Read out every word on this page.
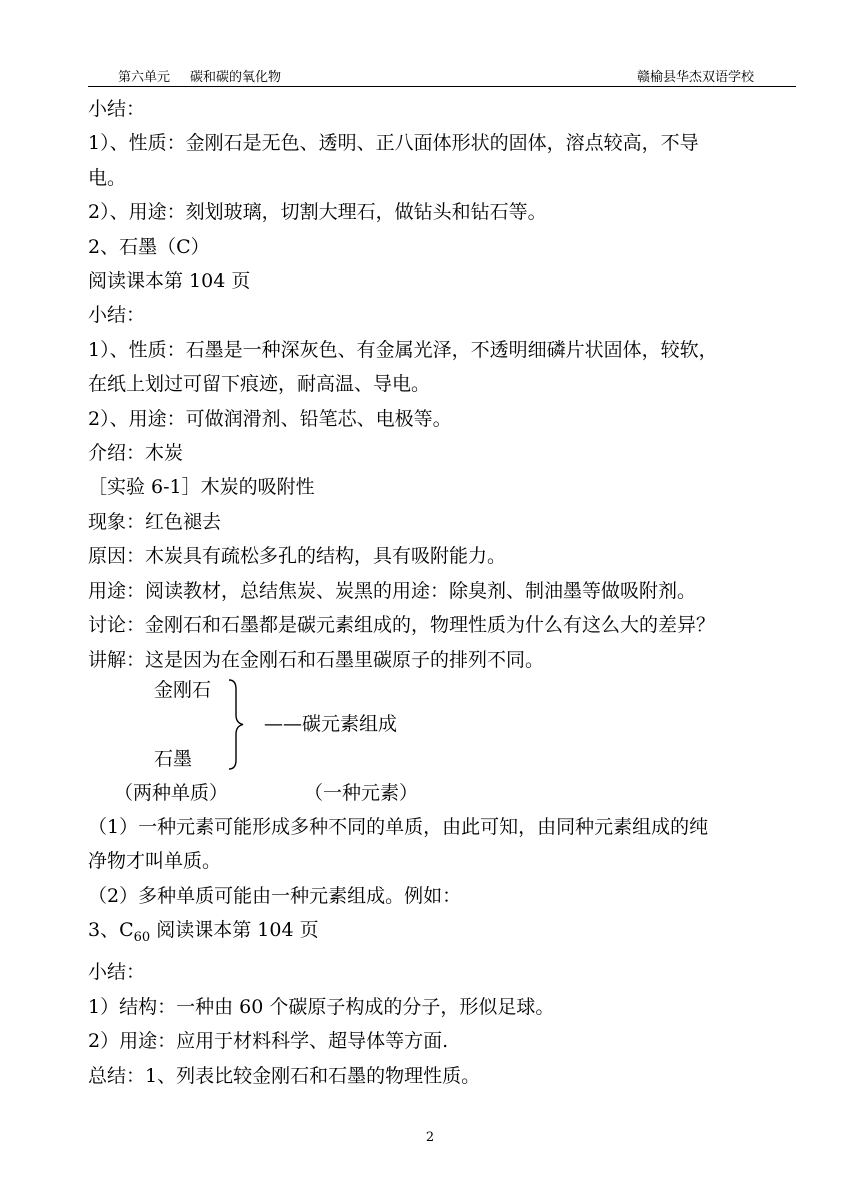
第六单元 碳和碳的氧化物	赣榆县华杰双语学校
小结：
1）、性质：金刚石是无色、透明、正八面体形状的固体，溶点较高，不导
电。
2）、用途：刻划玻璃，切割大理石，做钻头和钻石等。
2、石墨（C）
阅读课本第 104 页
小结：
1）、性质：石墨是一种深灰色、有金属光泽，不透明细磷片状固体，较软，
在纸上划过可留下痕迹，耐高温、导电。
2）、用途：可做润滑剂、铅笔芯、电极等。
介绍：木炭
［实验 6-1］木炭的吸附性
现象：红色褪去
原因：木炭具有疏松多孔的结构，具有吸附能力。
用途：阅读教材，总结焦炭、炭黑的用途：除臭剂、制油墨等做吸附剂。
讨论：金刚石和石墨都是碳元素组成的，物理性质为什么有这么大的差异？
讲解：这是因为在金刚石和石墨里碳原子的排列不同。
金刚石
石墨
——碳元素组成
（两种单质）	（一种元素）
（1）一种元素可能形成多种不同的单质，由此可知，由同种元素组成的纯
净物才叫单质。
（2）多种单质可能由一种元素组成。例如：
3、$C_{60}$ 阅读课本第 104 页
小结：
1）结构：一种由 60 个碳原子构成的分子，形似足球。
2）用途：应用于材料科学、超导体等方面.
总结：1、列表比较金刚石和石墨的物理性质。
2
